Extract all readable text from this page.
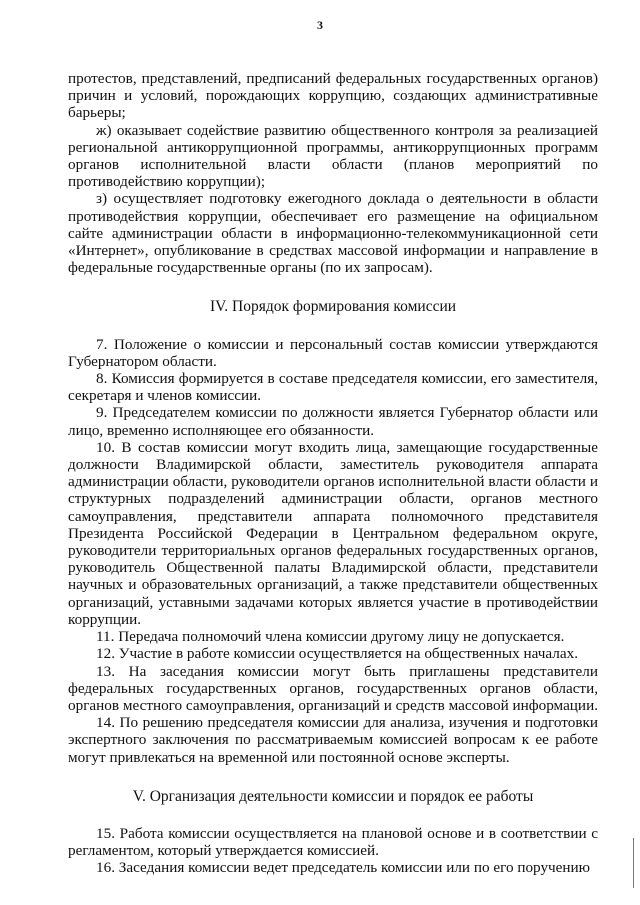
3

протестов, представлений, предписаний федеральных государственных органов) причин и условий, порождающих коррупцию, создающих административные барьеры;

ж) оказывает содействие развитию общественного контроля за реализацией региональной антикоррупционной программы, антикоррупционных программ органов исполнительной власти области (планов мероприятий по противодействию коррупции);

з) осуществляет подготовку ежегодного доклада о деятельности в области противодействия коррупции, обеспечивает его размещение на официальном сайте администрации области в информационно-телекоммуникационной сети «Интернет», опубликование в средствах массовой информации и направление в федеральные государственные органы (по их запросам).

IV. Порядок формирования комиссии

7. Положение о комиссии и персональный состав комиссии утверждаются Губернатором области.

8. Комиссия формируется в составе председателя комиссии, его заместителя, секретаря и членов комиссии.

9. Председателем комиссии по должности является Губернатор области или лицо, временно исполняющее его обязанности.

10. В состав комиссии могут входить лица, замещающие государственные должности Владимирской области, заместитель руководителя аппарата администрации области, руководители органов исполнительной власти области и структурных подразделений администрации области, органов местного самоуправления, представители аппарата полномочного представителя Президента Российской Федерации в Центральном федеральном округе, руководители территориальных органов федеральных государственных органов, руководитель Общественной палаты Владимирской области, представители научных и образовательных организаций, а также представители общественных организаций, уставными задачами которых является участие в противодействии коррупции.

11. Передача полномочий члена комиссии другому лицу не допускается.

12. Участие в работе комиссии осуществляется на общественных началах.

13. На заседания комиссии могут быть приглашены представители федеральных государственных органов, государственных органов области, органов местного самоуправления, организаций и средств массовой информации.

14. По решению председателя комиссии для анализа, изучения и подготовки экспертного заключения по рассматриваемым комиссией вопросам к ее работе могут привлекаться на временной или постоянной основе эксперты.

V. Организация деятельности комиссии и порядок ее работы

15. Работа комиссии осуществляется на плановой основе и в соответствии с регламентом, который утверждается комиссией.

16. Заседания комиссии ведет председатель комиссии или по его поручению
